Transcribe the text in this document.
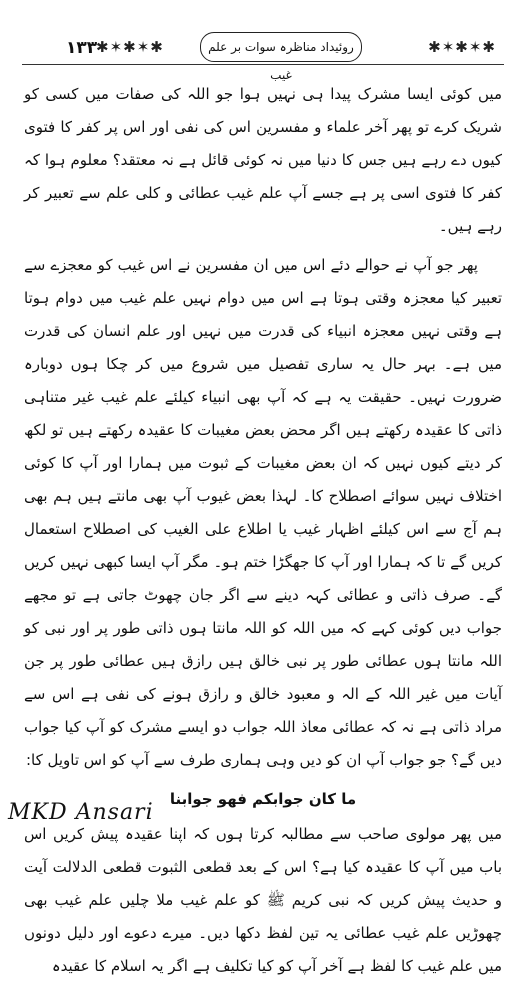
✱✶✱✶✱
۱۳۳	روئیداد مناظرہ سوات بر علم غیب
✱✶✱✶✱

میں کوئی ایسا مشرک پیدا ہی نہیں ہوا جو اللہ کی صفات میں کسی کو شریک کرے تو پھر آخر علماء و مفسرین اس کی نفی اور اس پر کفر کا فتوی کیوں دے رہے ہیں جس کا دنیا میں نہ کوئی قائل ہے نہ معتقد؟ معلوم ہوا کہ کفر کا فتوی اسی پر ہے جسے آپ علم غیب عطائی و کلی علم سے تعبیر کر رہے ہیں۔

پھر جو آپ نے حوالے دئے اس میں ان مفسرین نے اس غیب کو معجزے سے تعبیر کیا معجزہ وقتی ہوتا ہے اس میں دوام نہیں علم غیب میں دوام ہوتا ہے وقتی نہیں معجزہ انبیاء کی قدرت میں نہیں اور علم انسان کی قدرت میں ہے۔ بہر حال یہ ساری تفصیل میں شروع میں کر چکا ہوں دوبارہ ضرورت نہیں۔ حقیقت یہ ہے کہ آپ بھی انبیاء کیلئے علم غیب غیر متناہی ذاتی کا عقیدہ رکھتے ہیں اگر محض بعض مغیبات کا عقیدہ رکھتے ہیں تو لکھ کر دیتے کیوں نہیں کہ ان بعض مغیبات کے ثبوت میں ہمارا اور آپ کا کوئی اختلاف نہیں سوائے اصطلاح کا۔ لہذا بعض غیوب آپ بھی مانتے ہیں ہم بھی ہم آج سے اس کیلئے اظہار غیب یا اطلاع علی الغیب کی اصطلاح استعمال کریں گے تا کہ ہمارا اور آپ کا جھگڑا ختم ہو۔ مگر آپ ایسا کبھی نہیں کریں گے۔ صرف ذاتی و عطائی کہہ دینے سے اگر جان چھوٹ جاتی ہے تو مجھے جواب دیں کوئی کہے کہ میں اللہ کو اللہ مانتا ہوں ذاتی طور پر اور نبی کو اللہ مانتا ہوں عطائی طور پر نبی خالق ہیں رازق ہیں عطائی طور پر جن آیات میں غیر اللہ کے الہ و معبود خالق و رازق ہونے کی نفی ہے اس سے مراد ذاتی ہے نہ کہ عطائی معاذ اللہ جواب دو ایسے مشرک کو آپ کیا جواب دیں گے؟ جو جواب آپ ان کو دیں وہی ہماری طرف سے آپ کو اس تاویل کا:

ما کان جوابکم فھو جوابنا

میں پھر مولوی صاحب سے مطالبہ کرتا ہوں کہ اپنا عقیدہ پیش کریں اس باب میں آپ کا عقیدہ کیا ہے؟ اس کے بعد قطعی الثبوت قطعی الدلالت آیت و حدیث پیش کریں کہ نبی کریم ﷺ کو علم غیب ملا چلیں علم غیب بھی چھوڑیں علم غیب عطائی یہ تین لفظ دکھا دیں۔ میرے دعوے اور دلیل دونوں میں علم غیب کا لفظ ہے آخر آپ کو کیا تکلیف ہے اگر یہ اسلام کا عقیدہ

MKD Ansari
